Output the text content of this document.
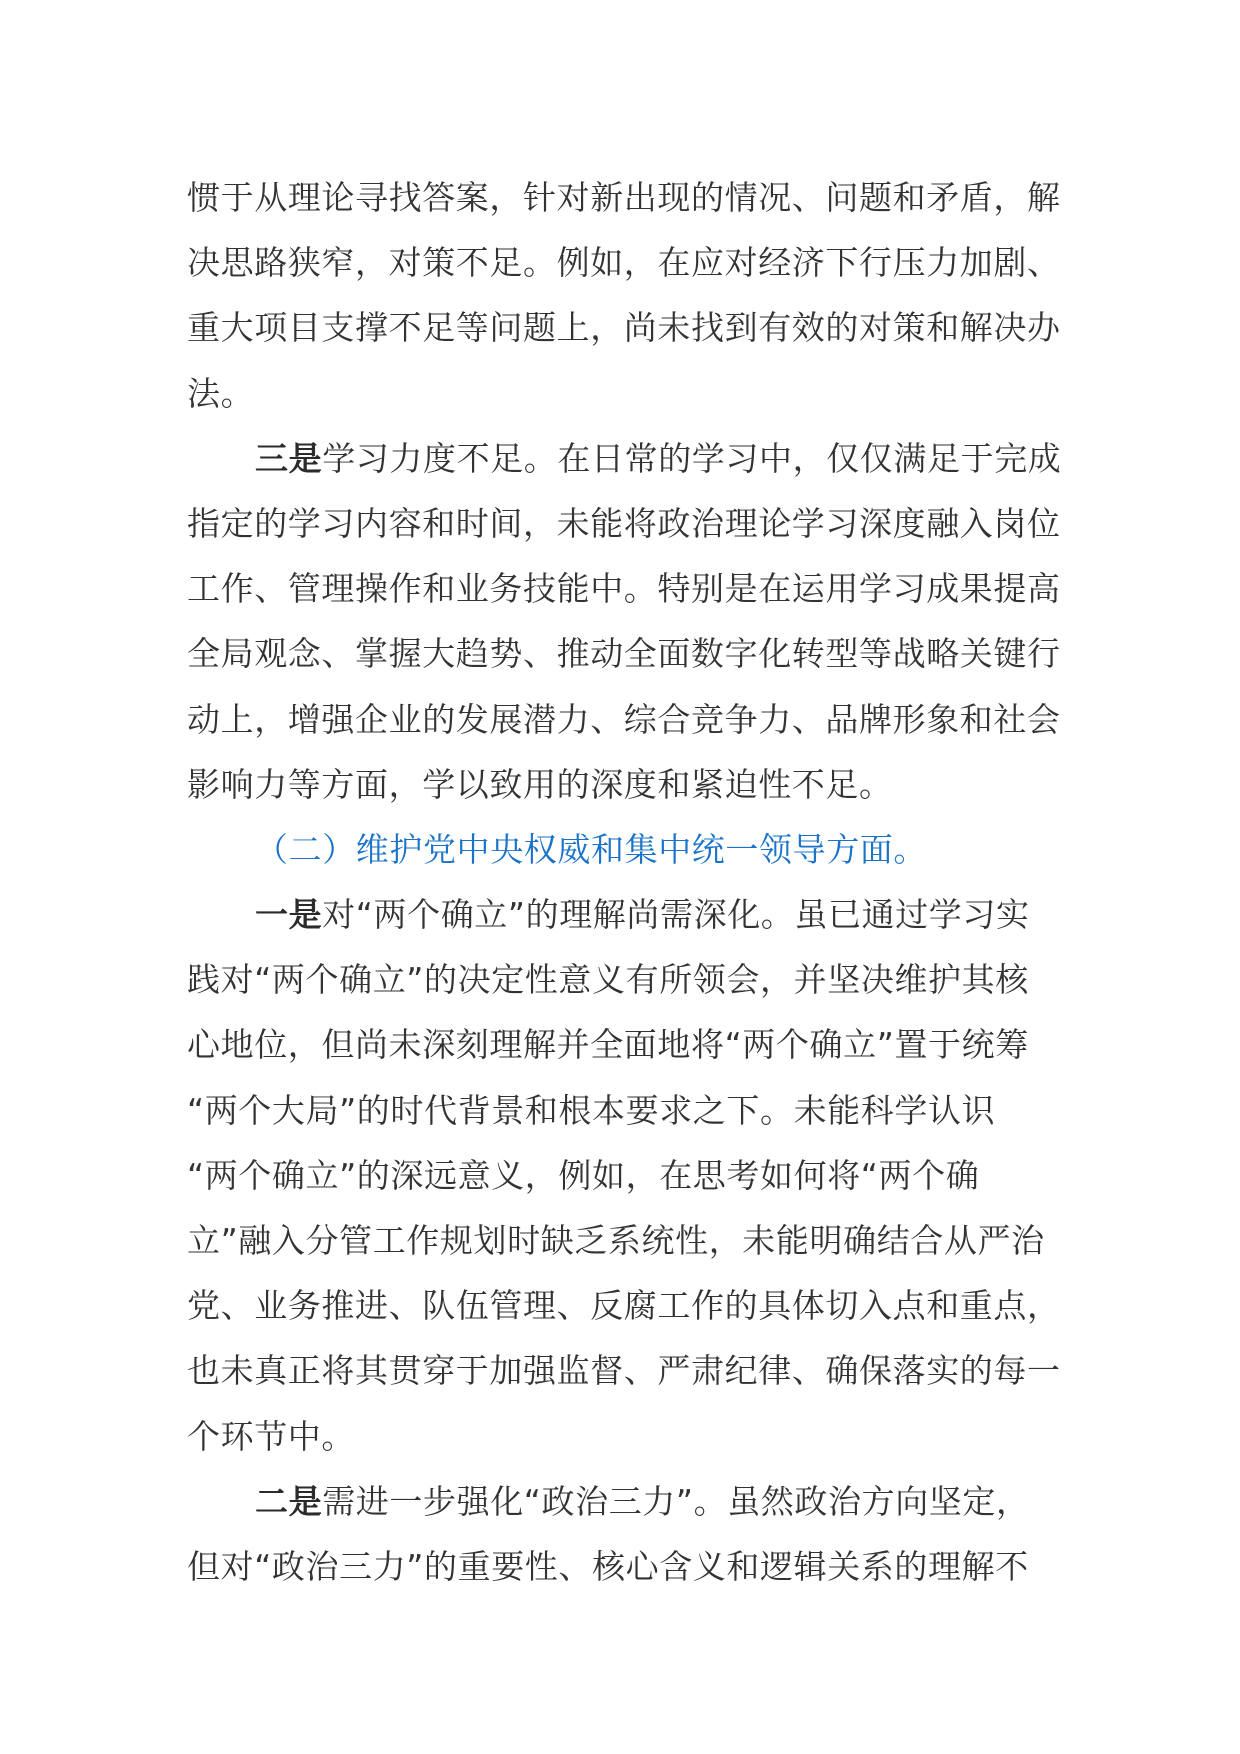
惯于从理论寻找答案，针对新出现的情况、问题和矛盾，解
决思路狭窄，对策不足。例如，在应对经济下行压力加剧、
重大项目支撑不足等问题上，尚未找到有效的对策和解决办
法。
三是学习力度不足。在日常的学习中，仅仅满足于完成
指定的学习内容和时间，未能将政治理论学习深度融入岗位
工作、管理操作和业务技能中。特别是在运用学习成果提高
全局观念、掌握大趋势、推动全面数字化转型等战略关键行
动上，增强企业的发展潜力、综合竞争力、品牌形象和社会
影响力等方面，学以致用的深度和紧迫性不足。
（二）维护党中央权威和集中统一领导方面。
一是对“两个确立”的理解尚需深化。虽已通过学习实
践对“两个确立”的决定性意义有所领会，并坚决维护其核
心地位，但尚未深刻理解并全面地将“两个确立”置于统筹
“两个大局”的时代背景和根本要求之下。未能科学认识
“两个确立”的深远意义，例如，在思考如何将“两个确
立”融入分管工作规划时缺乏系统性，未能明确结合从严治
党、业务推进、队伍管理、反腐工作的具体切入点和重点，
也未真正将其贯穿于加强监督、严肃纪律、确保落实的每一
个环节中。
二是需进一步强化“政治三力”。虽然政治方向坚定，
但对“政治三力”的重要性、核心含义和逻辑关系的理解不
